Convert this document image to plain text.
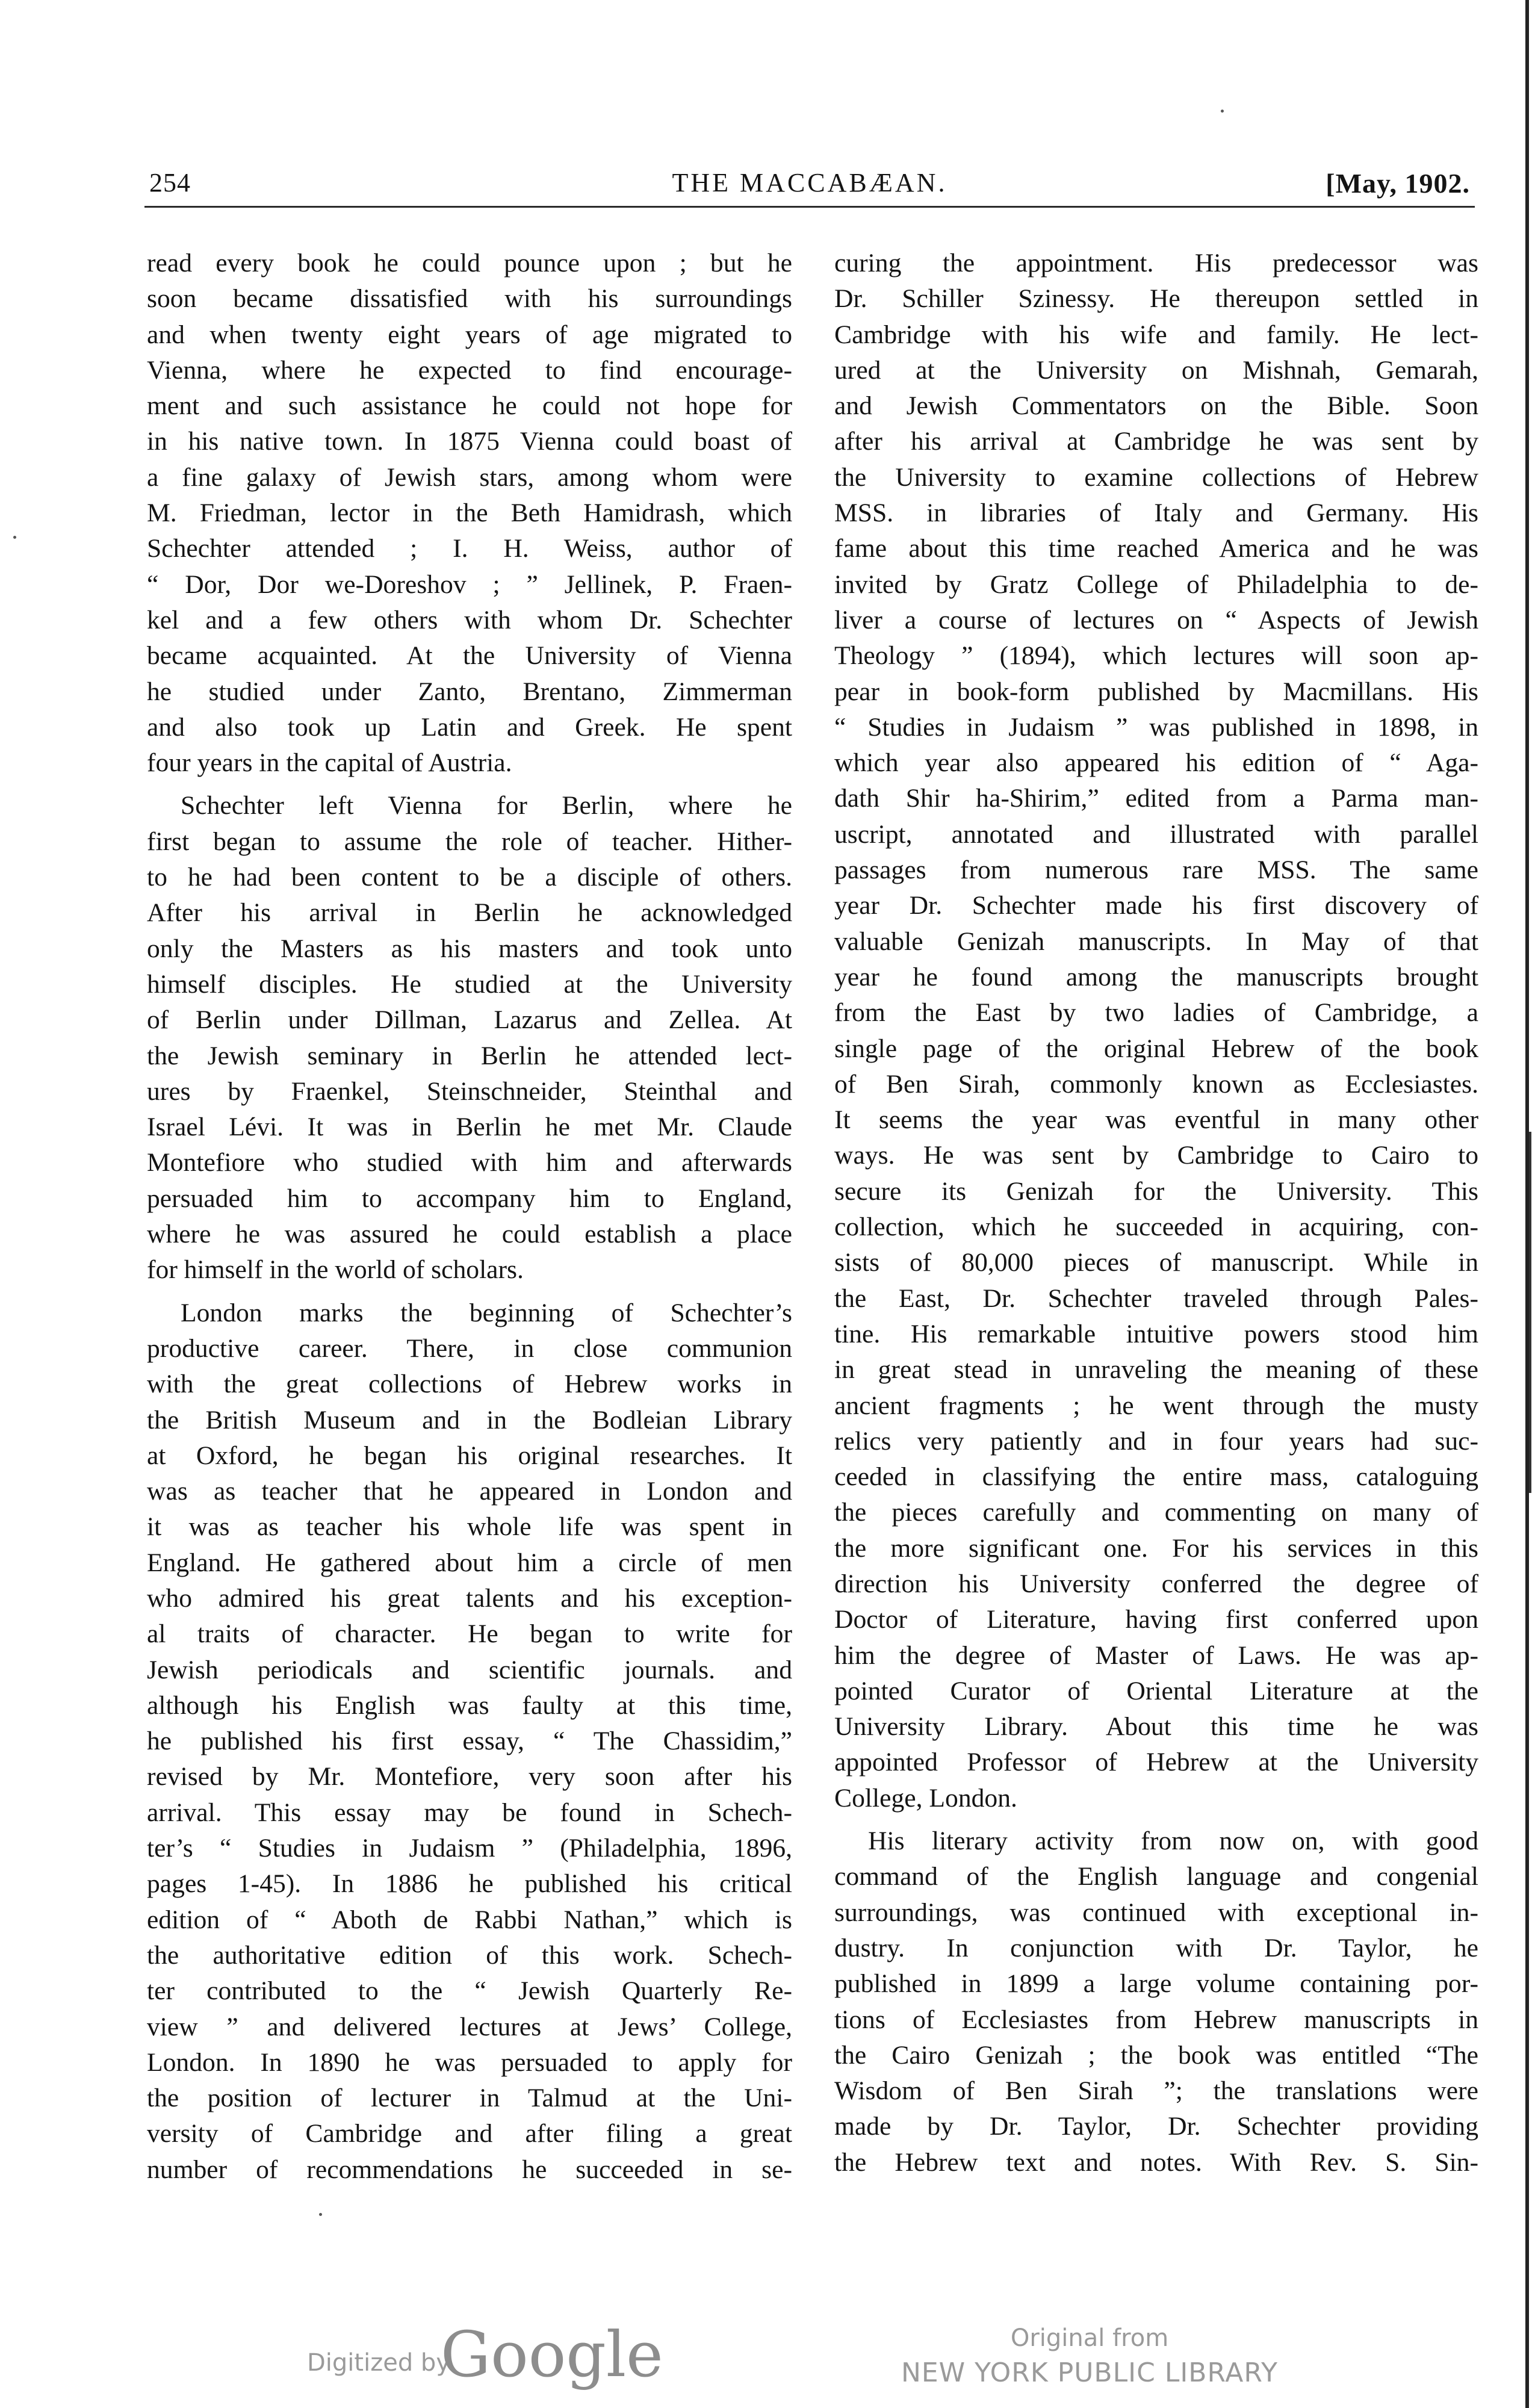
254	THE MACCABÆAN.	[May, 1902.
read every book he could pounce upon ; but he
soon became dissatisfied with his surroundings
and when twenty eight years of age migrated to
Vienna, where he expected to find encourage-
ment and such assistance he could not hope for
in his native town. In 1875 Vienna could boast of
a fine galaxy of Jewish stars, among whom were
M. Friedman, lector in the Beth Hamidrash, which
Schechter attended ; I. H. Weiss, author of
“ Dor, Dor we-Doreshov ; ” Jellinek, P. Fraen-
kel and a few others with whom Dr. Schechter
became acquainted. At the University of Vienna
he studied under Zanto, Brentano, Zimmerman
and also took up Latin and Greek. He spent
four years in the capital of Austria.
Schechter left Vienna for Berlin, where he
first began to assume the role of teacher. Hither-
to he had been content to be a disciple of others.
After his arrival in Berlin he acknowledged
only the Masters as his masters and took unto
himself disciples. He studied at the University
of Berlin under Dillman, Lazarus and Zellea. At
the Jewish seminary in Berlin he attended lect-
ures by Fraenkel, Steinschneider, Steinthal and
Israel Lévi. It was in Berlin he met Mr. Claude
Montefiore who studied with him and afterwards
persuaded him to accompany him to England,
where he was assured he could establish a place
for himself in the world of scholars.
London marks the beginning of Schechter’s
productive career. There, in close communion
with the great collections of Hebrew works in
the British Museum and in the Bodleian Library
at Oxford, he began his original researches. It
was as teacher that he appeared in London and
it was as teacher his whole life was spent in
England. He gathered about him a circle of men
who admired his great talents and his exception-
al traits of character. He began to write for
Jewish periodicals and scientific journals. and
although his English was faulty at this time,
he published his first essay, “ The Chassidim,”
revised by Mr. Montefiore, very soon after his
arrival. This essay may be found in Schech-
ter’s “ Studies in Judaism ” (Philadelphia, 1896,
pages 1-45). In 1886 he published his critical
edition of “ Aboth de Rabbi Nathan,” which is
the authoritative edition of this work. Schech-
ter contributed to the “ Jewish Quarterly Re-
view ” and delivered lectures at Jews’ College,
London. In 1890 he was persuaded to apply for
the position of lecturer in Talmud at the Uni-
versity of Cambridge and after filing a great
number of recommendations he succeeded in se-
curing the appointment. His predecessor was
Dr. Schiller Szinessy. He thereupon settled in
Cambridge with his wife and family. He lect-
ured at the University on Mishnah, Gemarah,
and Jewish Commentators on the Bible. Soon
after his arrival at Cambridge he was sent by
the University to examine collections of Hebrew
MSS. in libraries of Italy and Germany. His
fame about this time reached America and he was
invited by Gratz College of Philadelphia to de-
liver a course of lectures on “ Aspects of Jewish
Theology ” (1894), which lectures will soon ap-
pear in book-form published by Macmillans. His
“ Studies in Judaism ” was published in 1898, in
which year also appeared his edition of “ Aga-
dath Shir ha-Shirim,” edited from a Parma man-
uscript, annotated and illustrated with parallel
passages from numerous rare MSS. The same
year Dr. Schechter made his first discovery of
valuable Genizah manuscripts. In May of that
year he found among the manuscripts brought
from the East by two ladies of Cambridge, a
single page of the original Hebrew of the book
of Ben Sirah, commonly known as Ecclesiastes.
It seems the year was eventful in many other
ways. He was sent by Cambridge to Cairo to
secure its Genizah for the University. This
collection, which he succeeded in acquiring, con-
sists of 80,000 pieces of manuscript. While in
the East, Dr. Schechter traveled through Pales-
tine. His remarkable intuitive powers stood him
in great stead in unraveling the meaning of these
ancient fragments ; he went through the musty
relics very patiently and in four years had suc-
ceeded in classifying the entire mass, cataloguing
the pieces carefully and commenting on many of
the more significant one. For his services in this
direction his University conferred the degree of
Doctor of Literature, having first conferred upon
him the degree of Master of Laws. He was ap-
pointed Curator of Oriental Literature at the
University Library. About this time he was
appointed Professor of Hebrew at the University
College, London.
His literary activity from now on, with good
command of the English language and congenial
surroundings, was continued with exceptional in-
dustry. In conjunction with Dr. Taylor, he
published in 1899 a large volume containing por-
tions of Ecclesiastes from Hebrew manuscripts in
the Cairo Genizah ; the book was entitled “The
Wisdom of Ben Sirah ”; the translations were
made by Dr. Taylor, Dr. Schechter providing
the Hebrew text and notes. With Rev. S. Sin-
Digitized by
Google	Original from
NEW YORK PUBLIC LIBRARY
